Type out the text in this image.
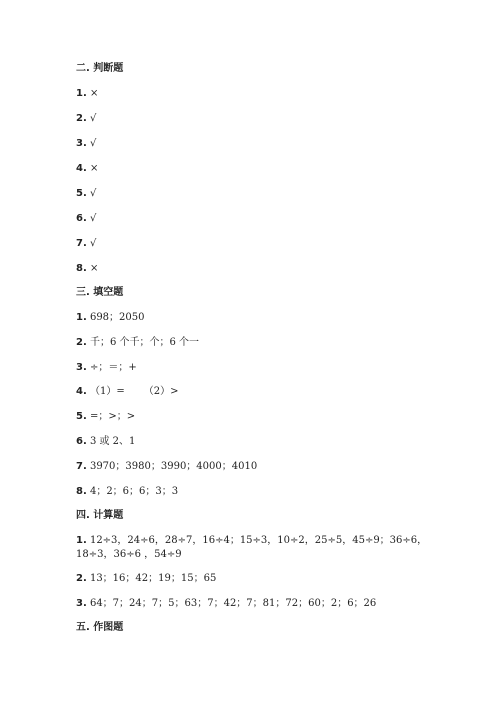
二. 判断题
1. ×
2. √
3. √
4. ×
5. √
6. √
7. √
8. ×
三. 填空题
1. 698；2050
2. 千；6 个千；个；6 个一
3. ÷；＝；+
4. （1）=      （2）>
5. =；>；>
6. 3 或 2、1
7. 3970；3980；3990；4000；4010
8. 4；2；6；6；3；3
四. 计算题
1. 12÷3，24÷6，28÷7，16÷4；15÷3，10÷2，25÷5，45÷9；36÷6，
18÷3，36÷6 ，54÷9
2. 13；16；42；19；15；65
3. 64；7；24；7；5；63；7；42；7；81；72；60；2；6；26
五. 作图题
